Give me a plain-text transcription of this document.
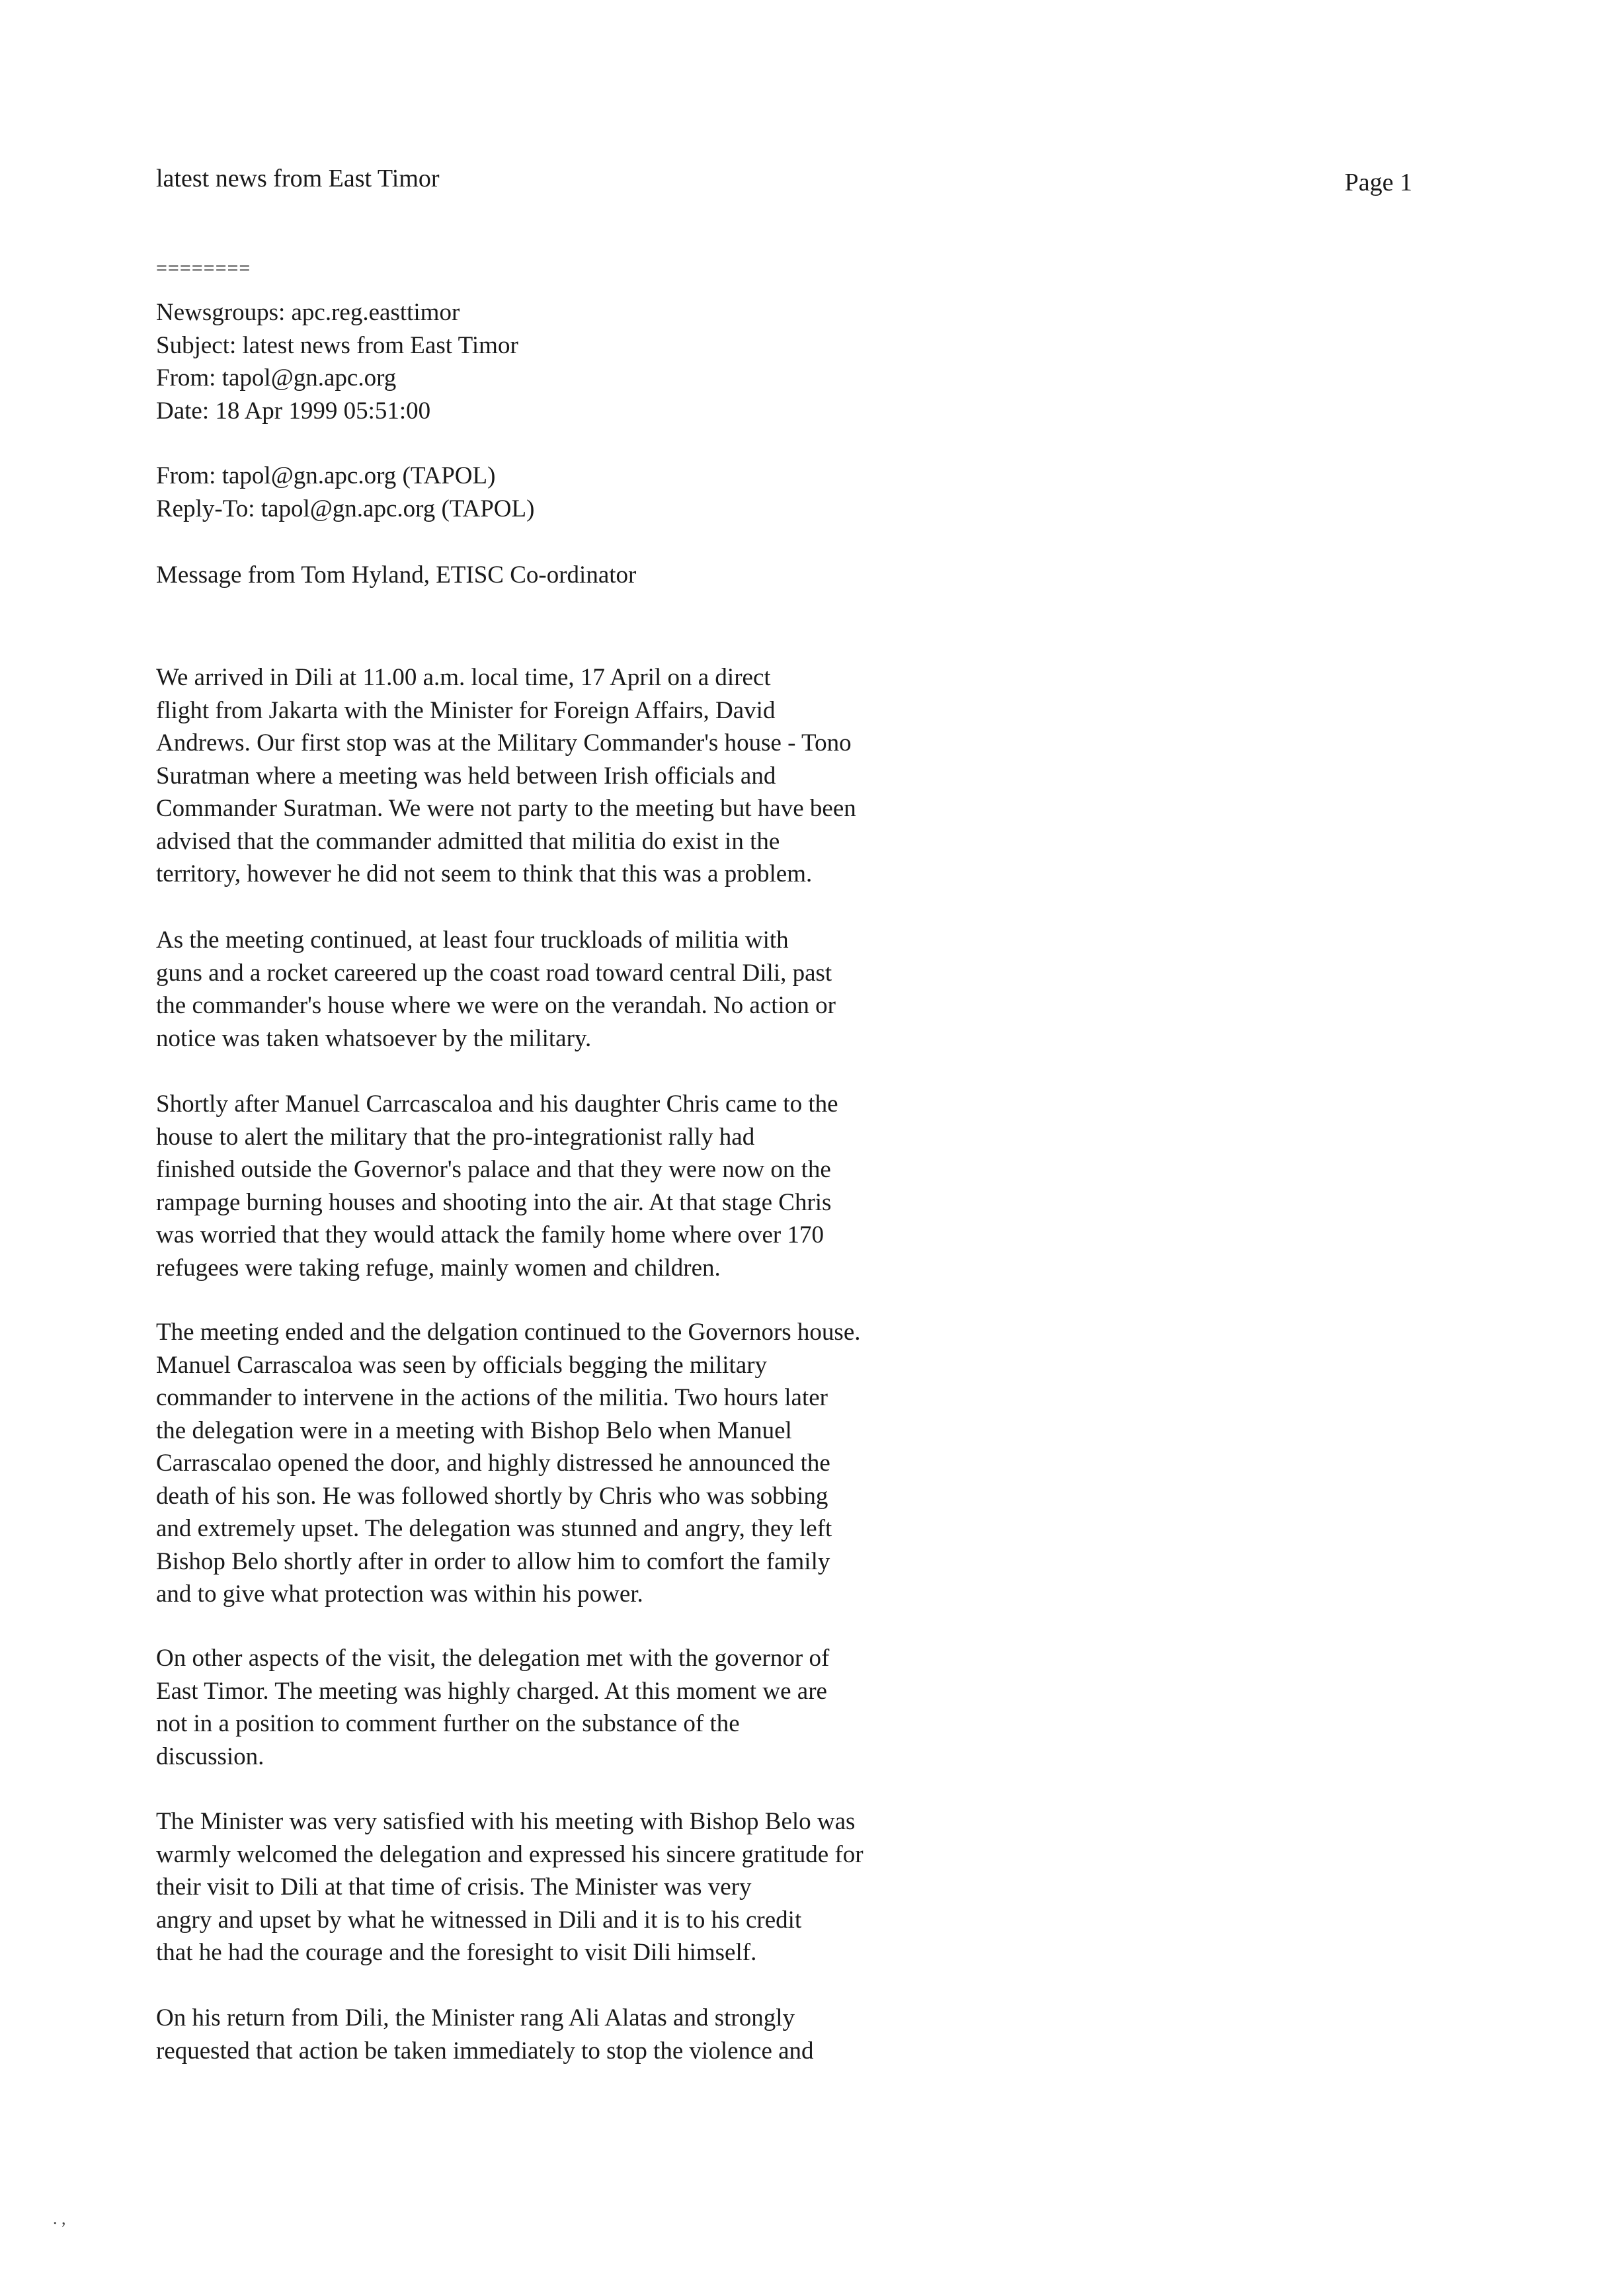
latest news from East Timor	Page 1
========
Newsgroups: apc.reg.easttimor
Subject: latest news from East Timor
From: tapol@gn.apc.org
Date: 18 Apr 1999 05:51:00
From: tapol@gn.apc.org (TAPOL)
Reply-To: tapol@gn.apc.org (TAPOL)
Message from Tom Hyland, ETISC Co-ordinator
We arrived in Dili at 11.00 a.m. local time, 17 April on a direct
flight from Jakarta with the Minister for Foreign Affairs, David
Andrews. Our first stop was at the Military Commander's house - Tono
Suratman where a meeting was held between Irish officials and
Commander Suratman. We were not party to the meeting but have been
advised that the commander admitted that militia do exist in the
territory, however he did not seem to think that this was a problem.
As the meeting continued, at least four truckloads of militia with
guns and a rocket careered up the coast road toward central Dili, past
the commander's house where we were on the verandah. No action or
notice was taken whatsoever by the military.
Shortly after Manuel Carrcascaloa and his daughter Chris came to the
house to alert the military that the pro-integrationist rally had
finished outside the Governor's palace and that they were now on the
rampage burning houses and shooting into the air. At that stage Chris
was worried that they would attack the family home where over 170
refugees were taking refuge, mainly women and children.
The meeting ended and the delgation continued to the Governors house.
Manuel Carrascaloa was seen by officials begging the military
commander to intervene in the actions of the militia. Two hours later
the delegation were in a meeting with Bishop Belo when Manuel
Carrascalao opened the door, and highly distressed he announced the
death of his son. He was followed shortly by Chris who was sobbing
and extremely upset. The delegation was stunned and angry, they left
Bishop Belo shortly after in order to allow him to comfort the family
and to give what protection was within his power.
On other aspects of the visit, the delegation met with the governor of
East Timor. The meeting was highly charged. At this moment we are
not in a position to comment further on the substance of the
discussion.
The Minister was very satisfied with his meeting with Bishop Belo was
warmly welcomed the delegation and expressed his sincere gratitude for
their visit to Dili at that time of crisis. The Minister was very
angry and upset by what he witnessed in Dili and it is to his credit
that he had the courage and the foresight to visit Dili himself.
On his return from Dili, the Minister rang Ali Alatas and strongly
requested that action be taken immediately to stop the violence and
. ,
